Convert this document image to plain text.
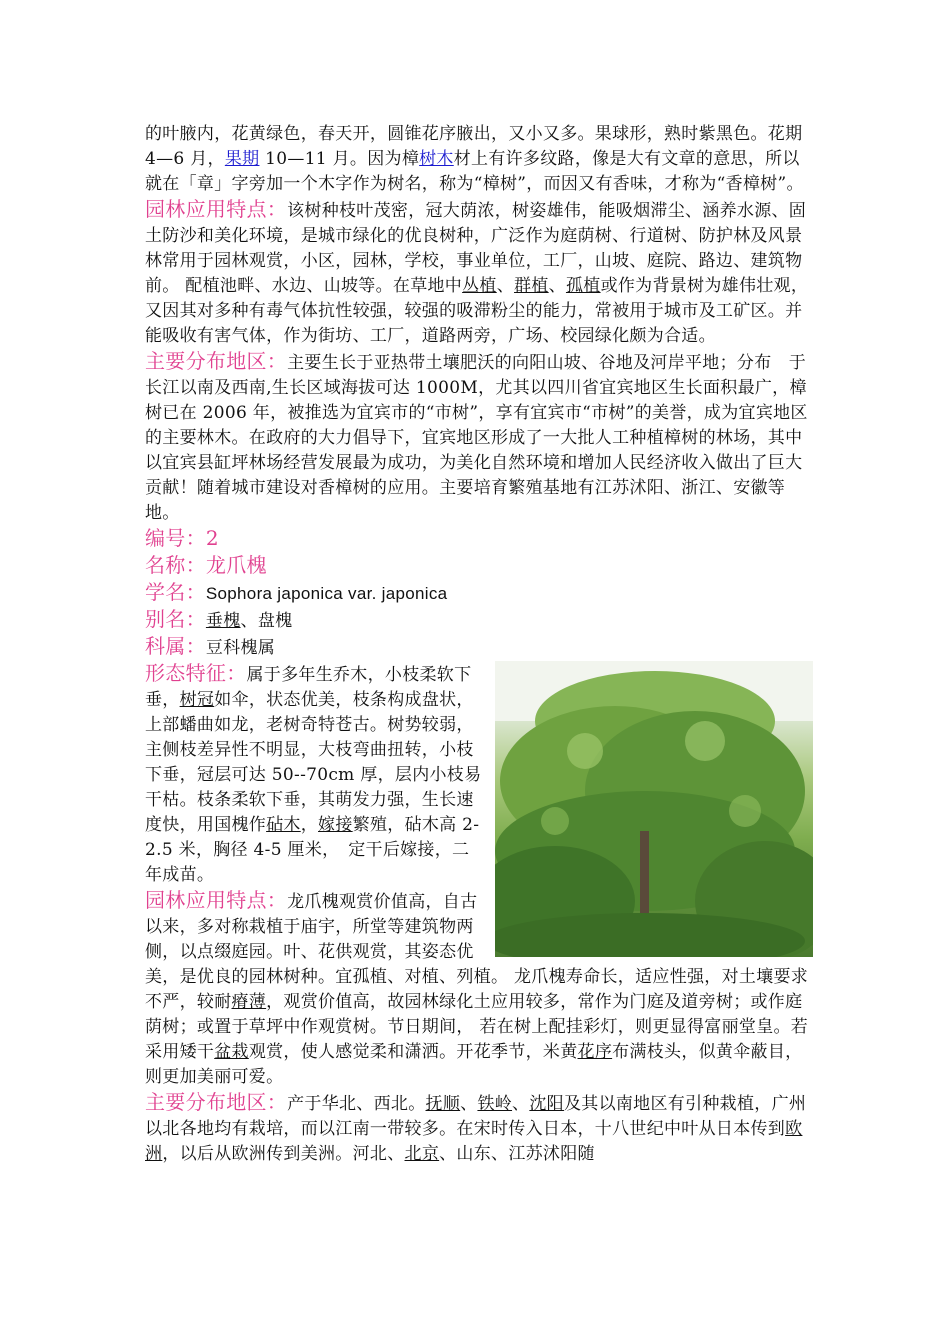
的叶腋内，花黄绿色，春天开，圆锥花序腋出，又小又多。果球形，熟时紫黑色。花期 4—6 月，果期 10—11 月。因为樟树木材上有许多纹路，像是大有文章的意思，所以就在「章」字旁加一个木字作为树名，称为“樟树”，而因又有香味，才称为“香樟树”。

园林应用特点：该树种枝叶茂密，冠大荫浓，树姿雄伟，能吸烟滞尘、涵养水源、固土防沙和美化环境，是城市绿化的优良树种，广泛作为庭荫树、行道树、防护林及风景林常用于园林观赏，小区，园林，学校，事业单位，工厂，山坡、庭院、路边、建筑物前。 配植池畔、水边、山坡等。在草地中丛植、群植、孤植或作为背景树为雄伟壮观，又因其对多种有毒气体抗性较强，较强的吸滞粉尘的能力，常被用于城市及工矿区。并能吸收有害气体，作为街坊、工厂，道路两旁，广场、校园绿化颇为合适。

主要分布地区：主要生长于亚热带土壤肥沃的向阳山坡、谷地及河岸平地；分布　于长江以南及西南,生长区域海拔可达 1000M，尤其以四川省宜宾地区生长面积最广，樟树已在 2006 年，被推选为宜宾市的“市树”，享有宜宾市“市树”的美誉，成为宜宾地区的主要林木。在政府的大力倡导下，宜宾地区形成了一大批人工种植樟树的林场，其中以宜宾县缸坪林场经营发展最为成功，为美化自然环境和增加人民经济收入做出了巨大贡献！随着城市建设对香樟树的应用。主要培育繁殖基地有江苏沭阳、浙江、安徽等地。

编号：2

名称：龙爪槐

学名：Sophora japonica var. japonica

别名：垂槐、盘槐

科属：豆科槐属

形态特征：属于多年生乔木，小枝柔软下垂，树冠如伞，状态优美，枝条构成盘状，上部蟠曲如龙，老树奇特苍古。树势较弱，主侧枝差异性不明显，大枝弯曲扭转，小枝下垂，冠层可达 50--70cm 厚，层内小枝易干枯。枝条柔软下垂，其萌发力强，生长速度快，用国槐作砧木，嫁接繁殖，砧木高 2-2.5 米，胸径 4-5 厘米，　定干后嫁接，二年成苗。

园林应用特点：龙爪槐观赏价值高，自古以来，多对称栽植于庙宇，所堂等建筑物两侧，以点缀庭园。叶、花供观赏，其姿态优美，是优良的园林树种。宜孤植、对植、列植。 龙爪槐寿命长，适应性强，对土壤要求不严，较耐瘠薄，观赏价值高，故园林绿化土应用较多，常作为门庭及道旁树；或作庭荫树；或置于草坪中作观赏树。节日期间， 若在树上配挂彩灯，则更显得富丽堂皇。若采用矮干盆栽观赏，使人感觉柔和潇洒。开花季节，米黄花序布满枝头，似黄伞蔽目，则更加美丽可爱。

主要分布地区：产于华北、西北。抚顺、铁岭、沈阳及其以南地区有引种栽植，广州以北各地均有栽培，而以江南一带较多。在宋时传入日本，十八世纪中叶从日本传到欧洲，以后从欧洲传到美洲。河北、北京、山东、江苏沭阳随
